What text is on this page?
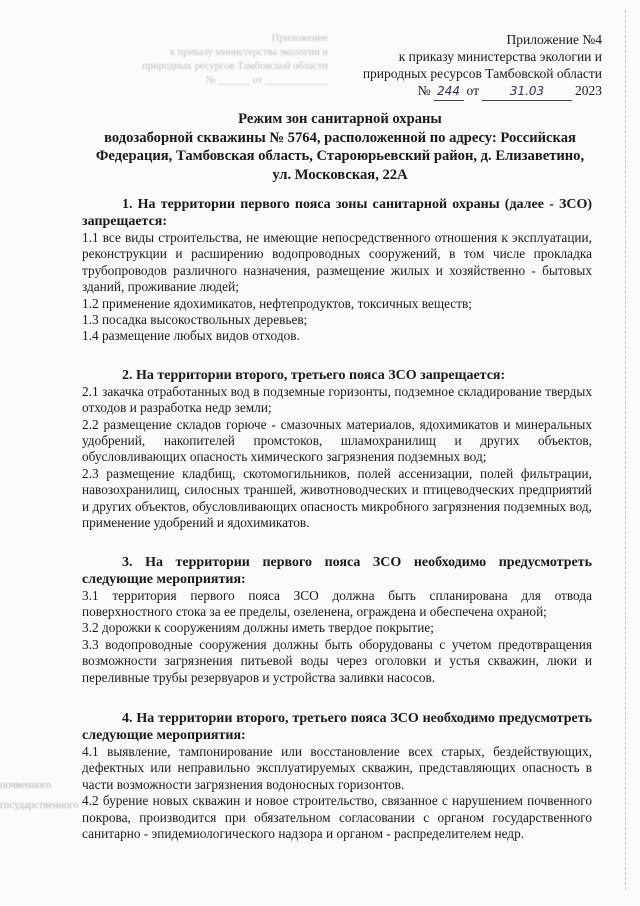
Приложение
к приказу министерства экологии и
природных ресурсов Тамбовской области
№ ______ от ____________
почвенного
государственного
Приложение №4
к приказу министерства экологии и
природных ресурсов Тамбовской области
№ 244 от	31.03	2023
Режим зон санитарной охраны
водозаборной скважины № 5764, расположенной по адресу: Российская
Федерация, Тамбовская область, Староюрьевский район, д. Елизаветино,
ул. Московская, 22А
1. На территории первого пояса зоны санитарной охраны (далее - ЗСО) запрещается:

1.1 все виды строительства, не имеющие непосредственного отношения к эксплуатации, реконструкции и расширению водопроводных сооружений, в том числе прокладка трубопроводов различного назначения, размещение жилых и хозяйственно - бытовых зданий, проживание людей;

1.2 применение ядохимикатов, нефтепродуктов, токсичных веществ;

1.3 посадка высокоствольных деревьев;

1.4 размещение любых видов отходов.

2. На территории второго, третьего пояса ЗСО запрещается:

2.1 закачка отработанных вод в подземные горизонты, подземное складирование твердых отходов и разработка недр земли;

2.2 размещение складов горюче - смазочных материалов, ядохимикатов и минеральных удобрений, накопителей промстоков, шламохранилищ и других объектов, обусловливающих опасность химического загрязнения подземных вод;

2.3 размещение кладбищ, скотомогильников, полей ассенизации, полей фильтрации, навозохранилищ, силосных траншей, животноводческих и птицеводческих предприятий и других объектов, обусловливающих опасность микробного загрязнения подземных вод, применение удобрений и ядохимикатов.

3. На территории первого пояса ЗСО необходимо предусмотреть следующие мероприятия:

3.1 территория первого пояса ЗСО должна быть спланирована для отвода поверхностного стока за ее пределы, озеленена, ограждена и обеспечена охраной;

3.2 дорожки к сооружениям должны иметь твердое покрытие;

3.3 водопроводные сооружения должны быть оборудованы с учетом предотвращения возможности загрязнения питьевой воды через оголовки и устья скважин, люки и переливные трубы резервуаров и устройства заливки насосов.

4. На территории второго, третьего пояса ЗСО необходимо предусмотреть следующие мероприятия:

4.1 выявление, тампонирование или восстановление всех старых, бездействующих, дефектных или неправильно эксплуатируемых скважин, представляющих опасность в части возможности загрязнения водоносных горизонтов.

4.2 бурение новых скважин и новое строительство, связанное с нарушением почвенного покрова, производится при обязательном согласовании с органом государственного санитарно - эпидемиологического надзора и органом - распределителем недр.
